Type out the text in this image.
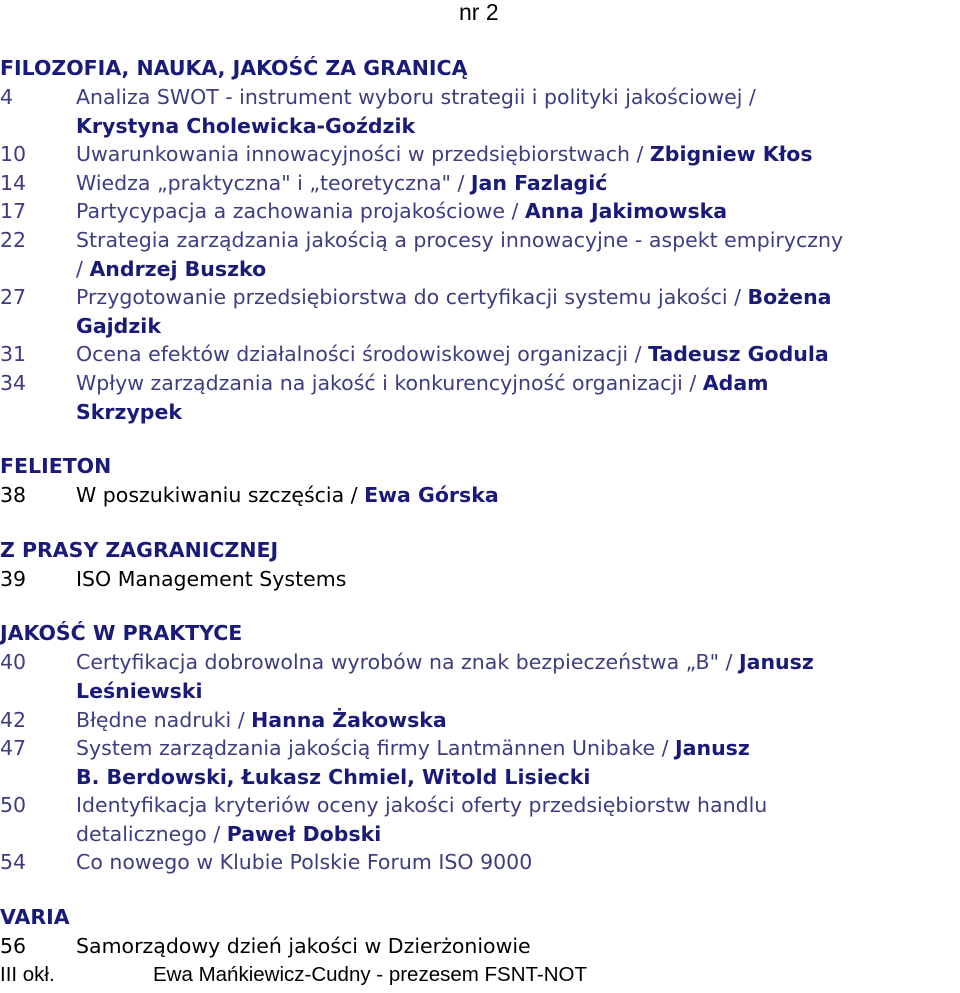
nr 2
FILOZOFIA, NAUKA, JAKOŚĆ ZA GRANICĄ
4	Analiza SWOT - instrument wyboru strategii i polityki jakościowej /
Krystyna Cholewicka-Goździk
10	Uwarunkowania innowacyjności w przedsiębiorstwach / Zbigniew Kłos
14	Wiedza „praktyczna" i „teoretyczna" / Jan Fazlagić
17	Partycypacja a zachowania projakościowe / Anna Jakimowska
22	Strategia zarządzania jakością a procesy innowacyjne - aspekt empiryczny
/ Andrzej Buszko
27	Przygotowanie przedsiębiorstwa do certyfikacji systemu jakości / Bożena
Gajdzik
31	Ocena efektów działalności środowiskowej organizacji / Tadeusz Godula
34	Wpływ zarządzania na jakość i konkurencyjność organizacji / Adam
Skrzypek
FELIETON
38	W poszukiwaniu szczęścia / Ewa Górska
Z PRASY ZAGRANICZNEJ
39	ISO Management Systems
JAKOŚĆ W PRAKTYCE
40	Certyfikacja dobrowolna wyrobów na znak bezpieczeństwa „B" / Janusz
Leśniewski
42	Błędne nadruki / Hanna Żakowska
47	System zarządzania jakością firmy Lantmännen Unibake / Janusz
B. Berdowski, Łukasz Chmiel, Witold Lisiecki
50	Identyfikacja kryteriów oceny jakości oferty przedsiębiorstw handlu
detalicznego / Paweł Dobski
54	Co nowego w Klubie Polskie Forum ISO 9000
VARIA
56	Samorządowy dzień jakości w Dzierżoniowie
III okł.	Ewa Mańkiewicz-Cudny - prezesem FSNT-NOT
